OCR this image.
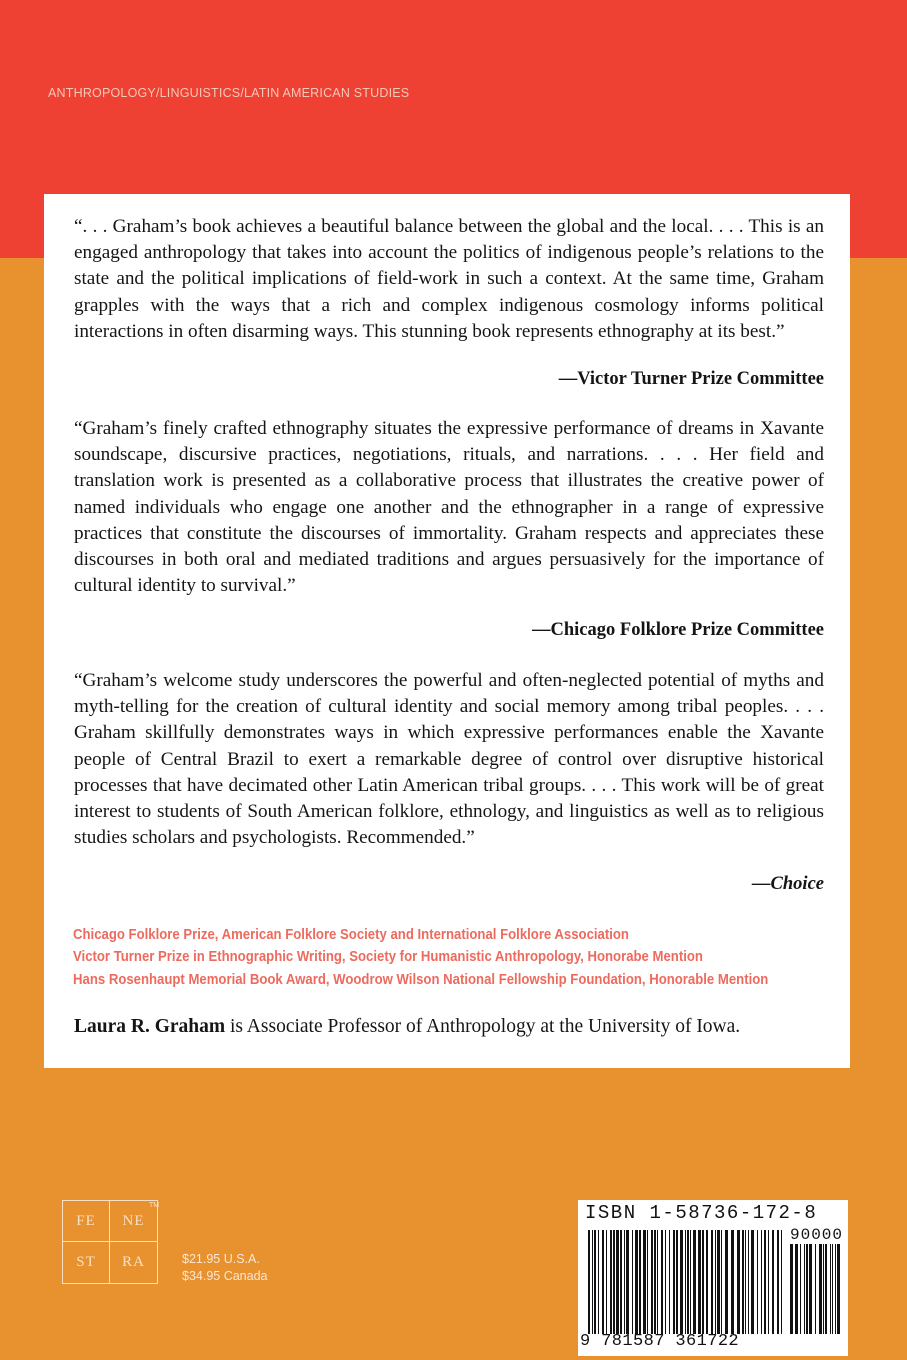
ANTHROPOLOGY/LINGUISTICS/LATIN AMERICAN STUDIES

“. . . Graham’s book achieves a beautiful balance between the global and the local. . . . This is an engaged anthropology that takes into account the politics of indigenous people’s relations to the state and the political implications of field-work in such a context. At the same time, Graham grapples with the ways that a rich and complex indigenous cosmology informs political interactions in often disarming ways. This stunning book represents ethnography at its best.”

—Victor Turner Prize Committee

“Graham’s finely crafted ethnography situates the expressive performance of dreams in Xavante soundscape, discursive practices, negotiations, rituals, and narrations. . . . Her field and translation work is presented as a collaborative process that illustrates the creative power of named individuals who engage one another and the ethnographer in a range of expressive practices that constitute the discourses of immortality. Graham respects and appreciates these discourses in both oral and mediated traditions and argues persuasively for the importance of cultural identity to survival.”

—Chicago Folklore Prize Committee

“Graham’s welcome study underscores the powerful and often-neglected potential of myths and myth-telling for the creation of cultural identity and social memory among tribal peoples. . . . Graham skillfully demonstrates ways in which expressive performances enable the Xavante people of Central Brazil to exert a remarkable degree of control over disruptive historical processes that have decimated other Latin American tribal groups. . . . This work will be of great interest to students of South American folklore, ethnology, and linguistics as well as to religious studies scholars and psychologists. Recommended.”

—Choice
Chicago Folklore Prize, American Folklore Society and International Folklore Association
Victor Turner Prize in Ethnographic Writing, Society for Humanistic Anthropology, Honorabe Mention
Hans Rosenhaupt Memorial Book Award, Woodrow Wilson National Fellowship Foundation, Honorable Mention
Laura R. Graham is Associate Professor of Anthropology at the University of Iowa.
FE	NE
ST	RA
TM
$21.95 U.S.A.
$34.95 Canada
ISBN 1-58736-172-8
90000
9 781587 361722
